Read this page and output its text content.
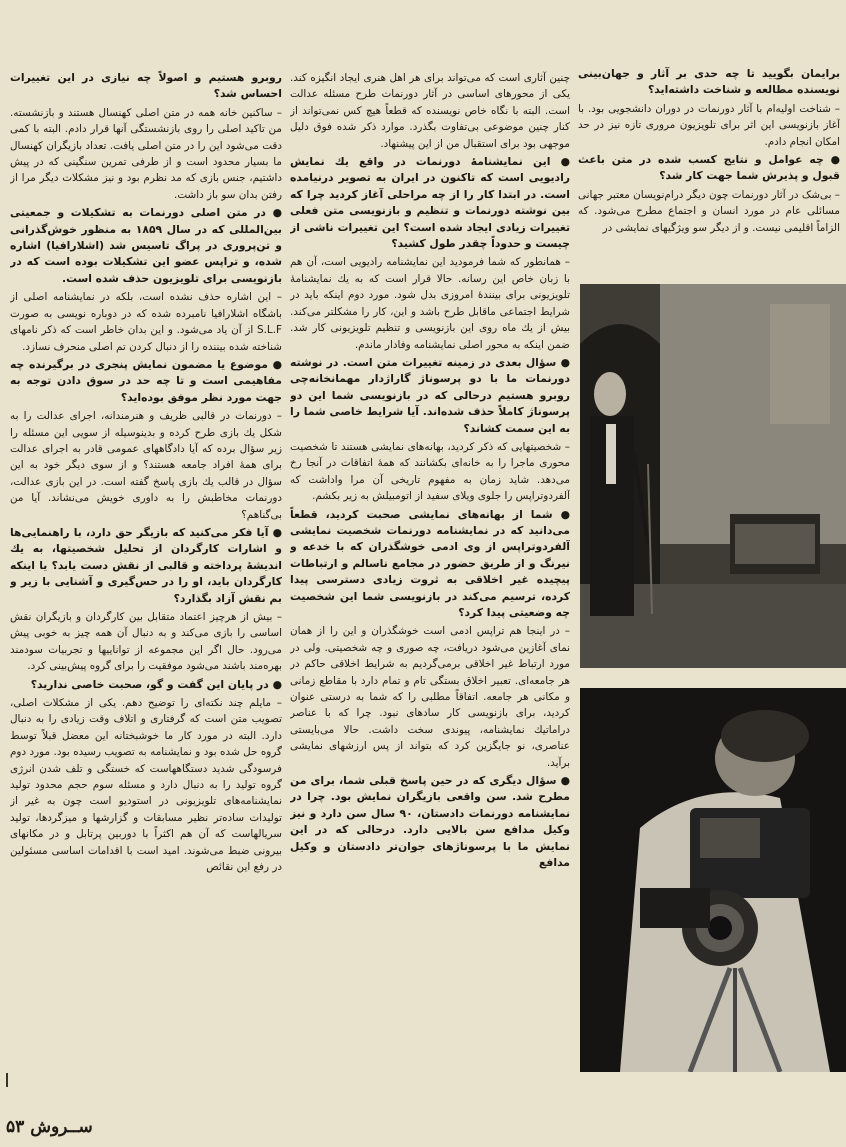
برایمان بگویید تا چه حدی بر آثار و جهان‌بینی نویسنده مطالعه و شناخت داشته‌اید؟

– شناخت اولیه‌ام با آثار دورنمات در دوران دانشجویی بود. با آغاز بازنویسی این اثر برای تلویزیون مروری تازه نیز در حد امکان انجام دادم.

● چه عوامل و نتایج کسب شده در متن باعث قبول و پذیرش شما جهت کار شد؟

– بی‌شک در آثار دورنمات چون دیگر درام‌نویسان معتبر جهانی مسائلی عام در مورد انسان و اجتماع مطرح می‌شود. که الزاماً اقلیمی نیست. و از دیگر سو ویژگیهای نمایشی در

چنین آثاری است که می‌تواند برای هر اهل هنری ایجاد انگیزه کند. یکی از محورهای اساسی در آثار دورنمات طرح مسئله عدالت است. البته با نگاه خاص نویسنده که قطعاً هیچ کس نمی‌تواند از کنار چنین موضوعی بی‌تفاوت بگذرد. موارد ذکر شده فوق دلیل موجهی بود برای استقبال من از این پیشنهاد.

● این نمایشنامهٔ دورنمات در واقع یك نمایش رادیویی است که تاکنون در ایران به تصویر درنیامده است. در ابتدا کار را از چه مراحلی آغاز کردید چرا که بین نوشته دورنمات و تنظیم و بازنویسی متن فعلی تغییرات زیادی ایجاد شده است؟ این تغییرات ناشی از چیست و حدوداً چقدر طول کشید؟

– همانطور که شما فرمودید این نمایشنامه رادیویی است، آن هم با زبان خاص این رسانه. حالا قرار است که به یك نمایشنامهٔ تلویزیونی برای بینندهٔ امروزی بدل شود. مورد دوم اینکه باید در شرایط اجتماعی ماقابل طرح باشد و این، کار را مشکلتر می‌کند. بیش از یك ماه روی این بازنویسی و تنظیم تلویزیونی کار شد. ضمن اینکه به محور اصلی نمایشنامه وفادار ماندم.

● سؤال بعدی در زمینه تغییرات متن است. در نوشته دورنمات ما با دو پرسوناژ گاراژدار مهمانخانه‌چی روبرو هستیم درحالی که در بازنویسی شما این دو پرسوناژ کاملاً حذف شده‌اند. آیا شرایط خاصی شما را به این سمت کشاند؟

– شخصیتهایی که ذکر کردید، بهانه‌های نمایشی هستند تا شخصیت محوری ماجرا را به خانه‌ای بکشانند که همهٔ اتفاقات در آنجا رخ می‌دهد. شاید زمان به مفهوم تاریخی آن مرا واداشت که آلفردوتراپس را جلوی ویلای سفید از اتومبیلش به زیر بکشم.

● شما از بهانه‌های نمایشی صحبت کردید، قطعاً می‌دانید که در نمایشنامه دورنمات شخصیت نمایشی آلفردوتراپس از وی ادمی خوشگذران که با خدعه و نیرنگ و از طریق حضور در مجامع ناسالم و ارتباطات پیچیده غیر اخلاقی به ثروت زیادی دسترسی پیدا کرده، ترسیم می‌کند در بازنویسی شما این شخصیت چه وضعیتی پیدا کرد؟

– در اینجا هم تراپس ادمی است خوشگذران و این را از همان نمای آغازین می‌شود دریافت، چه صوری و چه شخصیتی. ولی در مورد ارتباط غیر اخلاقی برمی‌گردیم به شرایط اخلاقی حاکم در هر جامعه‌ای. تعبیر اخلاق بستگی تام و تمام دارد با مقاطع زمانی و مکانی هر جامعه. اتفاقاً مطلبی را که شما به درستی عنوان کردید، برای بازنویسی کار سادهای نبود. چرا که با عناصر دراماتیك نمایشنامه، پیوندی سخت داشت. حالا می‌بایستی عناصری، نو جایگزین کرد که بتواند از پس ارزشهای نمایشی برآید.

● سؤال دیگری که در حین پاسخ قبلی شما، برای من مطرح شد. سن واقعی بازیگران نمایش بود. چرا در نمایشنامه دورنمات دادستان، ۹۰ سال سن دارد و نیز وکیل مدافع سن بالایی دارد. درحالی که در این نمایش ما با پرسوناژهای جوان‌تر دادستان و وکیل مدافع

روبرو هستیم و اصولاً چه نیازی در این تغییرات احساس شد؟

– ساکنین خانه همه در متن اصلی کهنسال هستند و بازنشسته. من تاکید اصلی را روی بازنشستگی آنها قرار دادم. البته با کمی دقت می‌شود این را در متن اصلی یافت. تعداد بازیگران کهنسال ما بسیار محدود است و از طرفی تمرین سنگینی که در پیش داشتیم، جنس بازی که مد نظرم بود و نیز مشکلات دیگر مرا از رفتن بدان سو باز داشت.

● در متن اصلی دورنمات به تشکیلات و جمعیتی بین‌المللی که در سال ۱۸۵۹ به منظور خوش‌گذرانی و تن‌پروری در پراگ تاسیس شد (اشلارافیا) اشاره شده، و تراپس عضو این تشکیلات بوده است که در بازنویسی برای تلویزیون حذف شده است.

– این اشاره حذف نشده است، بلکه در نمایشنامه اصلی از باشگاه اشلارافیا نامبرده شده که در دوباره نویسی به صورت S.L.F از آن یاد می‌شود. و این بدان خاطر است که ذکر نامهای شناخته شده بیننده را از دنبال کردن تم اصلی منحرف نسازد.

● موضوع یا مضمون نمایش پنجری در برگیرنده چه مفاهیمی است و تا چه حد در سوق دادن توجه به جهت مورد نظر موفق بوده‌اید؟

– دورنمات در قالبی ظریف و هنرمندانه، اجرای عدالت را به شکل یك بازی طرح کرده و بدینوسیله از سویی این مسئله را زیر سؤال برده که آیا دادگاههای عمومی قادر به اجرای عدالت برای همهٔ افراد جامعه هستند؟ و از سوی دیگر خود به این سؤال در قالب یك بازی پاسخ گفته است. در این بازی عدالت، دورنمات مخاطبش را به داوری خویش می‌نشاند. آیا من بی‌گناهم؟

● آیا فکر می‌کنید که بازیگر حق دارد، با راهنمایی‌ها و اشارات کارگردان از تحلیل شخصیتها، به یك اندیشهٔ پرداخته و قالبی از نقش دست یابد؟ یا اینکه کارگردان باید، او را در حس‌گیری و آشنایی با زیر و بم نقش آزاد بگذارد؟

– بیش از هرچیز اعتماد متقابل بین کارگردان و بازیگران نقش اساسی را بازی می‌کند و به دنبال آن همه چیز به خوبی پیش می‌رود. حال اگر این مجموعه از تواناییها و تجربیات سودمند بهره‌مند باشند می‌شود موفقیت را برای گروه پیش‌بینی کرد.

● در پایان این گفت و گو، صحبت خاصی ندارید؟

– مایلم چند نکته‌ای را توضیح دهم. یکی از مشکلات اصلی، تصویب متن است که گرفتاری و اتلاف وقت زیادی را به دنبال دارد. البته در مورد کار ما خوشبختانه این معضل قبلاً توسط گروه حل شده بود و نمایشنامه به تصویب رسیده بود. مورد دوم فرسودگی شدید دستگاههاست که خستگی و تلف شدن انرژی گروه تولید را به دنبال دارد و مسئله سوم حجم محدود تولید نمایشنامه‌های تلویزیونی در استودیو است چون به غیر از تولیدات ساده‌تر نظیر مسابقات و گزارشها و میزگردها، تولید سریالهاست که آن هم اکثراً با دوربین پرتابل و در مکانهای بیرونی ضبط می‌شوند. امید است با اقدامات اساسی مسئولین در رفع این نقائص

ســروش ۵۳
